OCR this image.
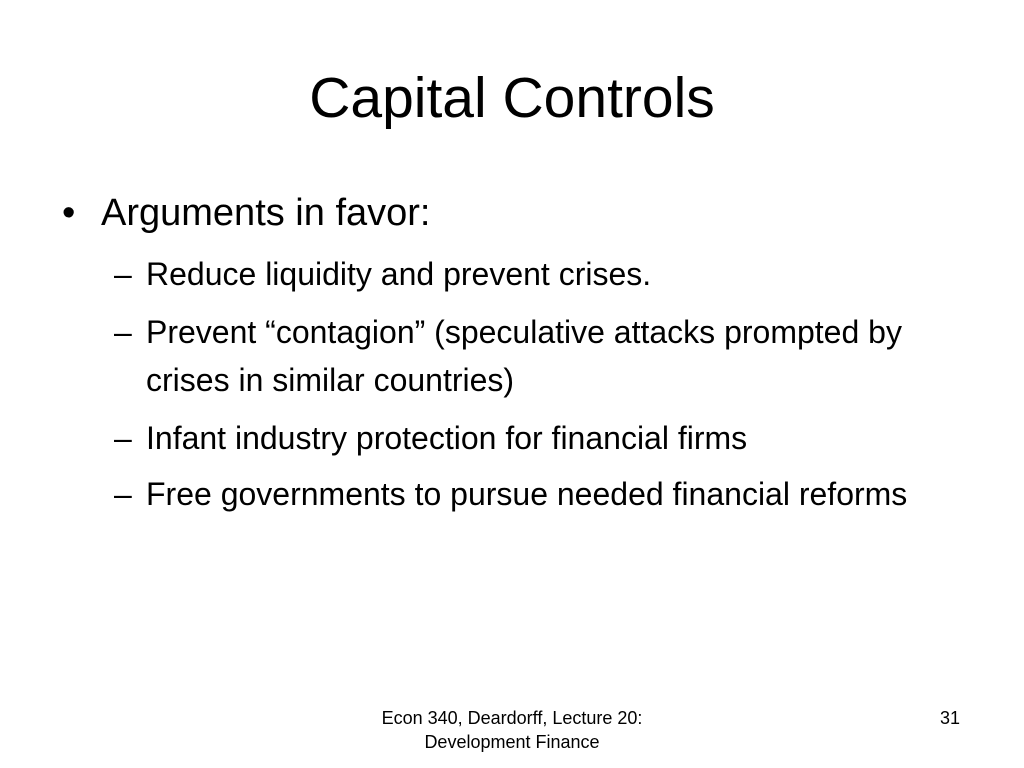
Capital Controls
• Arguments in favor:
– Reduce liquidity and prevent crises.
– Prevent “contagion” (speculative attacks prompted by crises in similar countries)
– Infant industry protection for financial firms
– Free governments to pursue needed financial reforms
Econ 340, Deardorff, Lecture 20:
Development Finance
31
